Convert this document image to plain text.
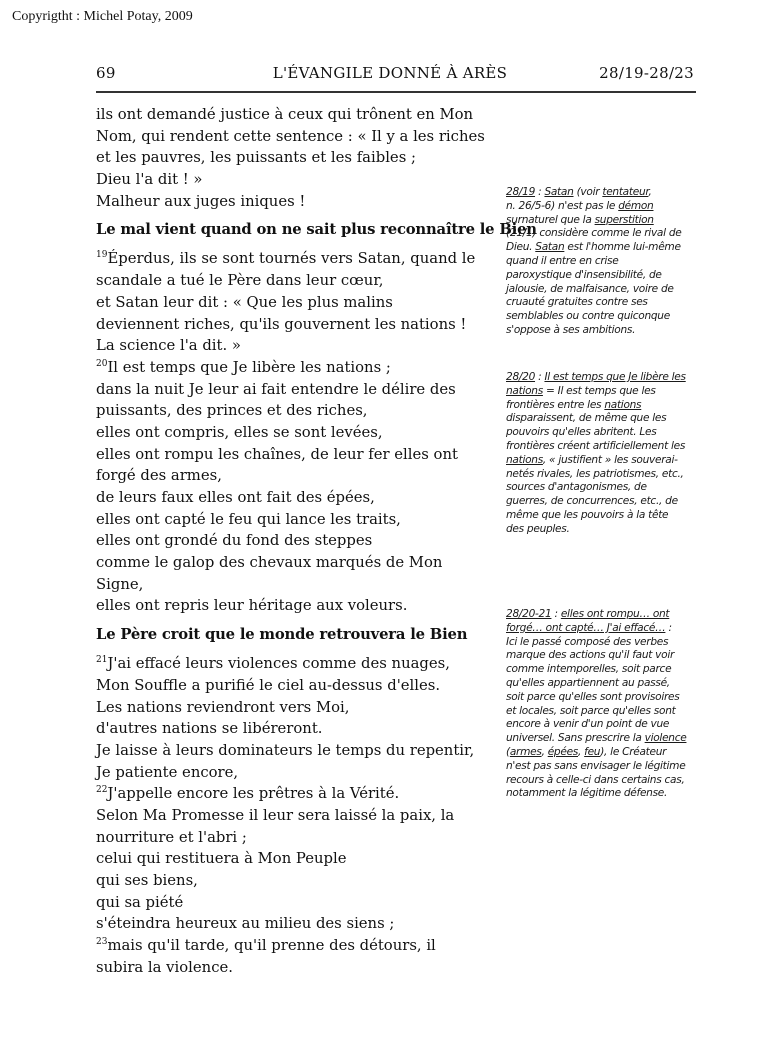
Copyrigtht : Michel Potay, 2009
L'ÉVANGILE DONNÉ À ARÈS
69	28/19-28/23
ils ont demandé justice à ceux qui trônent en Mon
Nom, qui rendent cette sentence : « Il y a les riches
et les pauvres, les puissants et les faibles ;
Dieu l'a dit ! »
Malheur aux juges iniques !
Le mal vient quand on ne sait plus reconnaître le Bien
$^{19}$Éperdus, ils se sont tournés vers Satan, quand le
scandale a tué le Père dans leur cœur,
et Satan leur dit : « Que les plus malins
deviennent riches, qu'ils gouvernent les nations !
La science l'a dit. »
$^{20}$Il est temps que Je libère les nations ;
dans la nuit Je leur ai fait entendre le délire des
puissants, des princes et des riches,
elles ont compris, elles se sont levées,
elles ont rompu les chaînes, de leur fer elles ont
forgé des armes,
de leurs faux elles ont fait des épées,
elles ont capté le feu qui lance les traits,
elles ont grondé du fond des steppes
comme le galop des chevaux marqués de Mon
Signe,
elles ont repris leur héritage aux voleurs.
Le Père croit que le monde retrouvera le Bien
$^{21}$J'ai effacé leurs violences comme des nuages,
Mon Souffle a purifié le ciel au-dessus d'elles.
Les nations reviendront vers Moi,
d'autres nations se libéreront.
Je laisse à leurs dominateurs le temps du repentir,
Je patiente encore,
$^{22}$J'appelle encore les prêtres à la Vérité.
Selon Ma Promesse il leur sera laissé la paix, la
nourriture et l'abri ;
celui qui restituera à Mon Peuple
qui ses biens,
qui sa piété
s'éteindra heureux au milieu des siens ;
$^{23}$mais qu'il tarde, qu'il prenne des détours, il
subira la violence.
28/19 : Satan (voir tentateur,
n. 26/5-6) n'est pas le démon
surnaturel que la superstition
(21/1) considère comme le rival de
Dieu. Satan est l'homme lui-même
quand il entre en crise
paroxystique d'insensibilité, de
jalousie, de malfaisance, voire de
cruauté gratuites contre ses
semblables ou contre quiconque
s'oppose à ses ambitions.
28/20 : Il est temps que Je libère les
nations = Il est temps que les
frontières entre les nations
disparaissent, de même que les
pouvoirs qu'elles abritent. Les
frontières créent artificiellement les
nations, « justifient » les souverai-
netés rivales, les patriotismes, etc.,
sources d'antagonismes, de
guerres, de concurrences, etc., de
même que les pouvoirs à la tête
des peuples.
28/20-21 : elles ont rompu… ont
forgé… ont capté… J'ai effacé… :
Ici le passé composé des verbes
marque des actions qu'il faut voir
comme intemporelles, soit parce
qu'elles appartiennent au passé,
soit parce qu'elles sont provisoires
et locales, soit parce qu'elles sont
encore à venir d'un point de vue
universel. Sans prescrire la violence
(armes, épées, feu), le Créateur
n'est pas sans envisager le légitime
recours à celle-ci dans certains cas,
notamment la légitime défense.
